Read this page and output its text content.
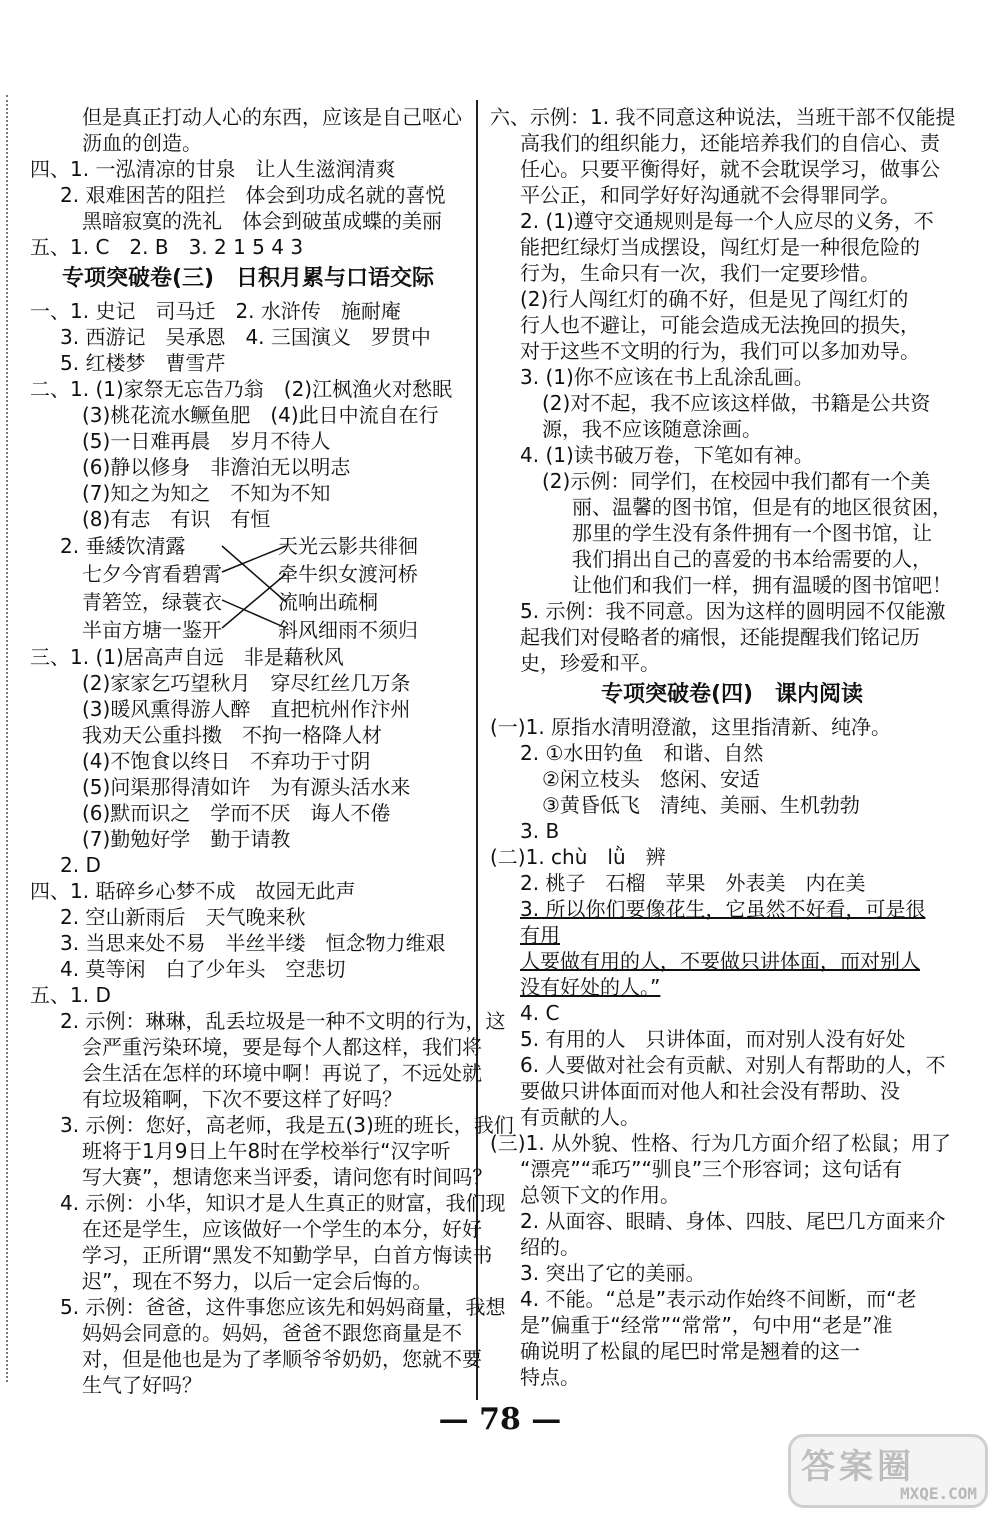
但是真正打动人心的东西，应该是自己呕心
沥血的创造。
四、1. 一泓清凉的甘泉　让人生滋润清爽
2. 艰难困苦的阻拦　体会到功成名就的喜悦
黑暗寂寞的洗礼　体会到破茧成蝶的美丽
五、1. C　2. B　3. 2 1 5 4 3
专项突破卷(三)　日积月累与口语交际
一、1. 史记　司马迁　2. 水浒传　施耐庵
3. 西游记　吴承恩　4. 三国演义　罗贯中
5. 红楼梦　曹雪芹
二、1. (1)家祭无忘告乃翁　(2)江枫渔火对愁眠
(3)桃花流水鳜鱼肥　(4)此日中流自在行
(5)一日难再晨　岁月不待人
(6)静以修身　非澹泊无以明志
(7)知之为知之　不知为不知
(8)有志　有识　有恒
2. 垂緌饮清露
七夕今宵看碧霄
青箬笠，绿蓑衣
半亩方塘一鉴开
天光云影共徘徊
牵牛织女渡河桥
流响出疏桐
斜风细雨不须归
三、1. (1)居高声自远　非是藉秋风
(2)家家乞巧望秋月　穿尽红丝几万条
(3)暖风熏得游人醉　直把杭州作汴州
我劝天公重抖擞　不拘一格降人材
(4)不饱食以终日　不弃功于寸阴
(5)问渠那得清如许　为有源头活水来
(6)默而识之　学而不厌　诲人不倦
(7)勤勉好学　勤于请教
2. D
四、1. 聒碎乡心梦不成　故园无此声
2. 空山新雨后　天气晚来秋
3. 当思来处不易　半丝半缕　恒念物力维艰
4. 莫等闲　白了少年头　空悲切
五、1. D
2. 示例：琳琳，乱丢垃圾是一种不文明的行为，这
会严重污染环境，要是每个人都这样，我们将
会生活在怎样的环境中啊！再说了，不远处就
有垃圾箱啊，下次不要这样了好吗？
3. 示例：您好，高老师，我是五(3)班的班长，我们
班将于1月9日上午8时在学校举行“汉字听
写大赛”，想请您来当评委，请问您有时间吗？
4. 示例：小华，知识才是人生真正的财富，我们现
在还是学生，应该做好一个学生的本分，好好
学习，正所谓“黑发不知勤学早，白首方悔读书
迟”，现在不努力，以后一定会后悔的。
5. 示例：爸爸，这件事您应该先和妈妈商量，我想
妈妈会同意的。妈妈，爸爸不跟您商量是不
对，但是他也是为了孝顺爷爷奶奶，您就不要
生气了好吗？
六、示例：1. 我不同意这种说法，当班干部不仅能提
高我们的组织能力，还能培养我们的自信心、责
任心。只要平衡得好，就不会耽误学习，做事公
平公正，和同学好好沟通就不会得罪同学。
2. (1)遵守交通规则是每一个人应尽的义务，不
能把红绿灯当成摆设，闯红灯是一种很危险的
行为，生命只有一次，我们一定要珍惜。
(2)行人闯红灯的确不好，但是见了闯红灯的
行人也不避让，可能会造成无法挽回的损失，
对于这些不文明的行为，我们可以多加劝导。
3. (1)你不应该在书上乱涂乱画。
(2)对不起，我不应该这样做，书籍是公共资
源，我不应该随意涂画。
4. (1)读书破万卷，下笔如有神。
(2)示例：同学们，在校园中我们都有一个美
丽、温馨的图书馆，但是有的地区很贫困，
那里的学生没有条件拥有一个图书馆，让
我们捐出自己的喜爱的书本给需要的人，
让他们和我们一样，拥有温暖的图书馆吧！
5. 示例：我不同意。因为这样的圆明园不仅能激
起我们对侵略者的痛恨，还能提醒我们铭记历
史，珍爱和平。
专项突破卷(四)　课内阅读
(一)1. 原指水清明澄澈，这里指清新、纯净。
2. ①水田钓鱼　和谐、自然
②闲立枝头　悠闲、安适
③黄昏低飞　清纯、美丽、生机勃勃
3. B
(二)1. chù　lǜ　辨
2. 桃子　石榴　苹果　外表美　内在美
3. 所以你们要像花生，它虽然不好看，可是很
有用
人要做有用的人，不要做只讲体面，而对别人
没有好处的人。”
4. C
5. 有用的人　只讲体面，而对别人没有好处
6. 人要做对社会有贡献、对别人有帮助的人，不
要做只讲体面而对他人和社会没有帮助、没
有贡献的人。
(三)1. 从外貌、性格、行为几方面介绍了松鼠；用了
“漂亮”“乖巧”“驯良”三个形容词；这句话有
总领下文的作用。
2. 从面容、眼睛、身体、四肢、尾巴几方面来介
绍的。
3. 突出了它的美丽。
4. 不能。“总是”表示动作始终不间断，而“老
是”偏重于“经常”“常常”，句中用“老是”准
确说明了松鼠的尾巴时常是翘着的这一
特点。
— 78 —
答案圈
MXQE.COM
